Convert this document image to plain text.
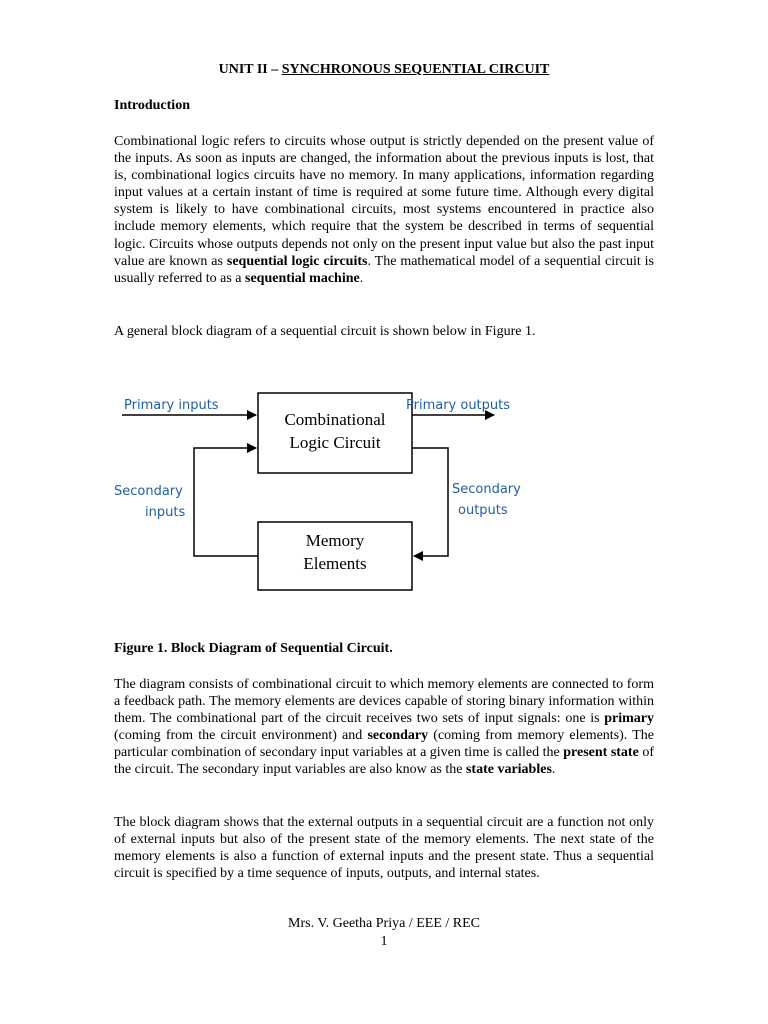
UNIT II – SYNCHRONOUS SEQUENTIAL CIRCUIT
Introduction

Combinational logic refers to circuits whose output is strictly depended on the present value of the inputs. As soon as inputs are changed, the information about the previous inputs is lost, that is, combinational logics circuits have no memory. In many applications, information regarding input values at a certain instant of time is required at some future time. Although every digital system is likely to have combinational circuits, most systems encountered in practice also include memory elements, which require that the system be described in terms of sequential logic. Circuits whose outputs depends not only on the present input value but also the past input value are known as sequential logic circuits. The mathematical model of a sequential circuit is usually referred to as a sequential machine.

A general block diagram of a sequential circuit is shown below in Figure 1.

Primary inputs	Primary outputs
Combinational
Logic Circuit
Memory
Elements
Secondary
inputs
Secondary
outputs
Figure 1. Block Diagram of Sequential Circuit.

The diagram consists of combinational circuit to which memory elements are connected to form a feedback path. The memory elements are devices capable of storing binary information within them. The combinational part of the circuit receives two sets of input signals: one is primary (coming from the circuit environment) and secondary (coming from memory elements). The particular combination of secondary input variables at a given time is called the present state of the circuit. The secondary input variables are also know as the state variables.

The block diagram shows that the external outputs in a sequential circuit are a function not only of external inputs but also of the present state of the memory elements. The next state of the memory elements is also a function of external inputs and the present state. Thus a sequential circuit is specified by a time sequence of inputs, outputs, and internal states.

Mrs. V. Geetha Priya / EEE / REC
1
